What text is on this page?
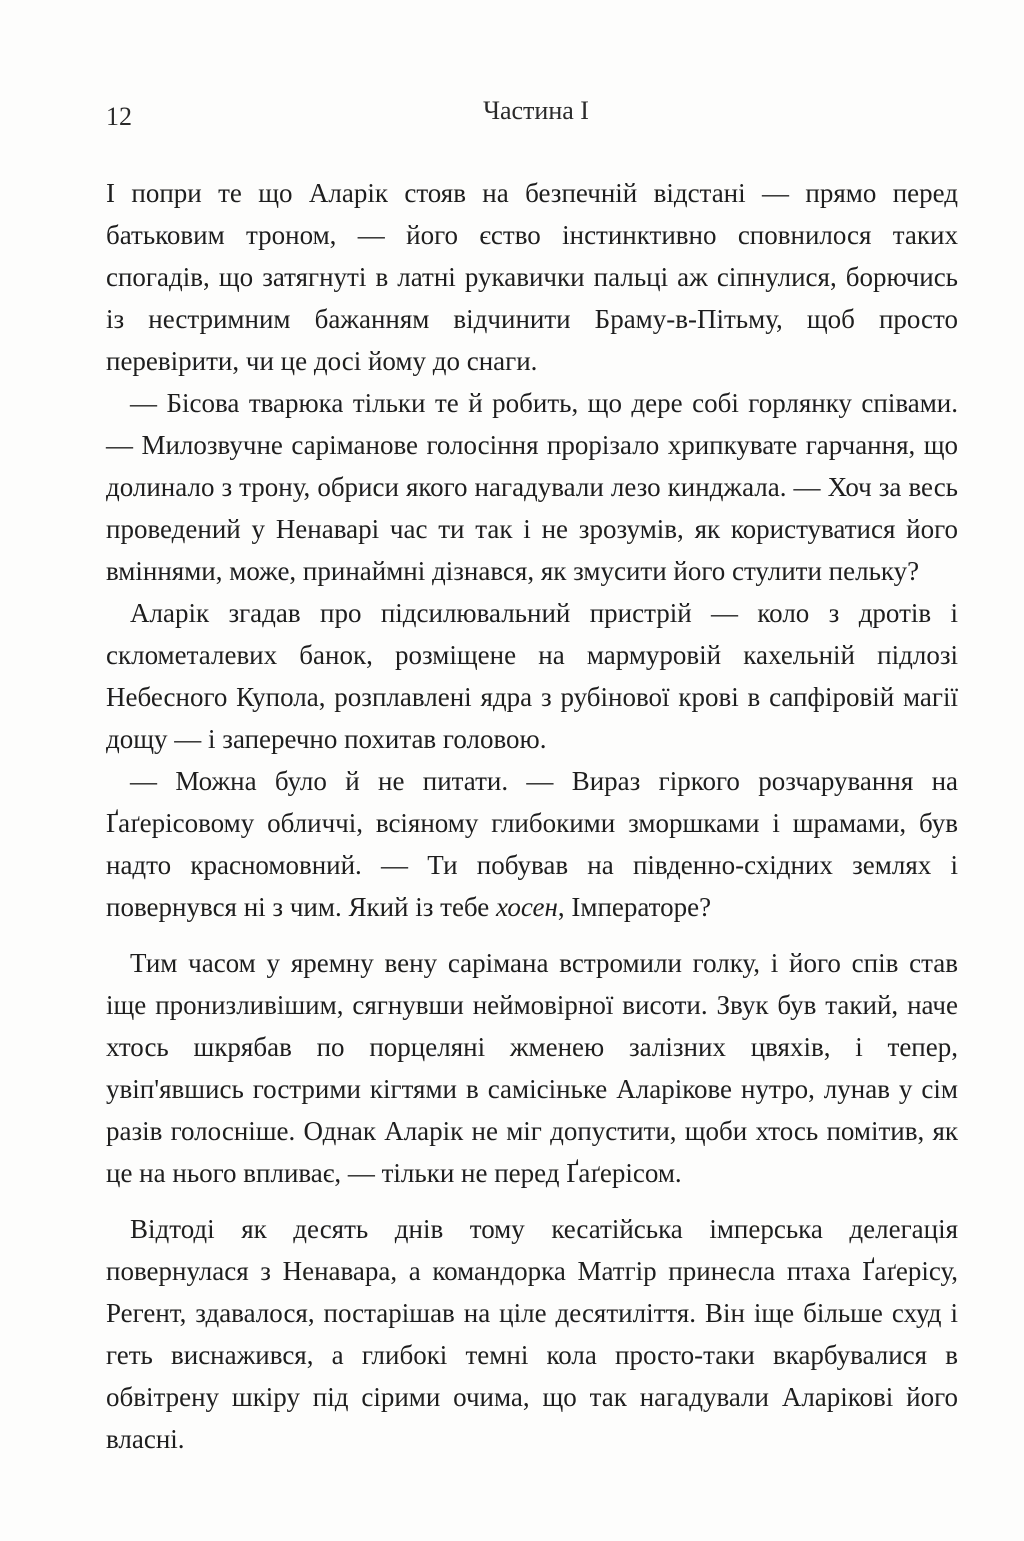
12	Частина І

І попри те що Аларік стояв на безпечній відстані — прямо перед батьковим троном, — його єство інстинктивно сповнилося таких спогадів, що затягнуті в латні рукавички пальці аж сіпнулися, борючись із нестримним бажанням відчинити Браму-в-Пітьму, щоб просто перевірити, чи це досі йому до снаги.

— Бісова тварюка тільки те й робить, що дере собі горлянку співами. — Милозвучне саріманове голосіння прорізало хрипкувате гарчання, що долинало з трону, обриси якого нагадували лезо кинджала. — Хоч за весь проведений у Ненаварі час ти так і не зрозумів, як користуватися його вміннями, може, принаймні дізнався, як змусити його стулити пельку?

Аларік згадав про підсилювальний пристрій — коло з дротів і склометалевих банок, розміщене на мармуровій кахельній підлозі Небесного Купола, розплавлені ядра з рубінової крові в сапфіровій магії дощу — і заперечно похитав головою.

— Можна було й не питати. — Вираз гіркого розчарування на Ґаґерісовому обличчі, всіяному глибокими зморшками і шрамами, був надто красномовний. — Ти побував на південно-східних землях і повернувся ні з чим. Який із тебе хосен, Імператоре?

Тим часом у яремну вену сарімана встромили голку, і його спів став іще пронизливішим, сягнувши неймовірної висоти. Звук був такий, наче хтось шкрябав по порцеляні жменею залізних цвяхів, і тепер, увіп'явшись гострими кігтями в самісіньке Аларікове нутро, лунав у сім разів голосніше. Однак Аларік не міг допустити, щоби хтось помітив, як це на нього впливає, — тільки не перед Ґаґерісом.

Відтоді як десять днів тому кесатійська імперська делегація повернулася з Ненавара, а командорка Матгір принесла птаха Ґаґерісу, Регент, здавалося, постарішав на ціле десятиліття. Він іще більше схуд і геть виснажився, а глибокі темні кола просто-таки вкарбувалися в обвітрену шкіру під сірими очима, що так нагадували Аларікові його власні.
